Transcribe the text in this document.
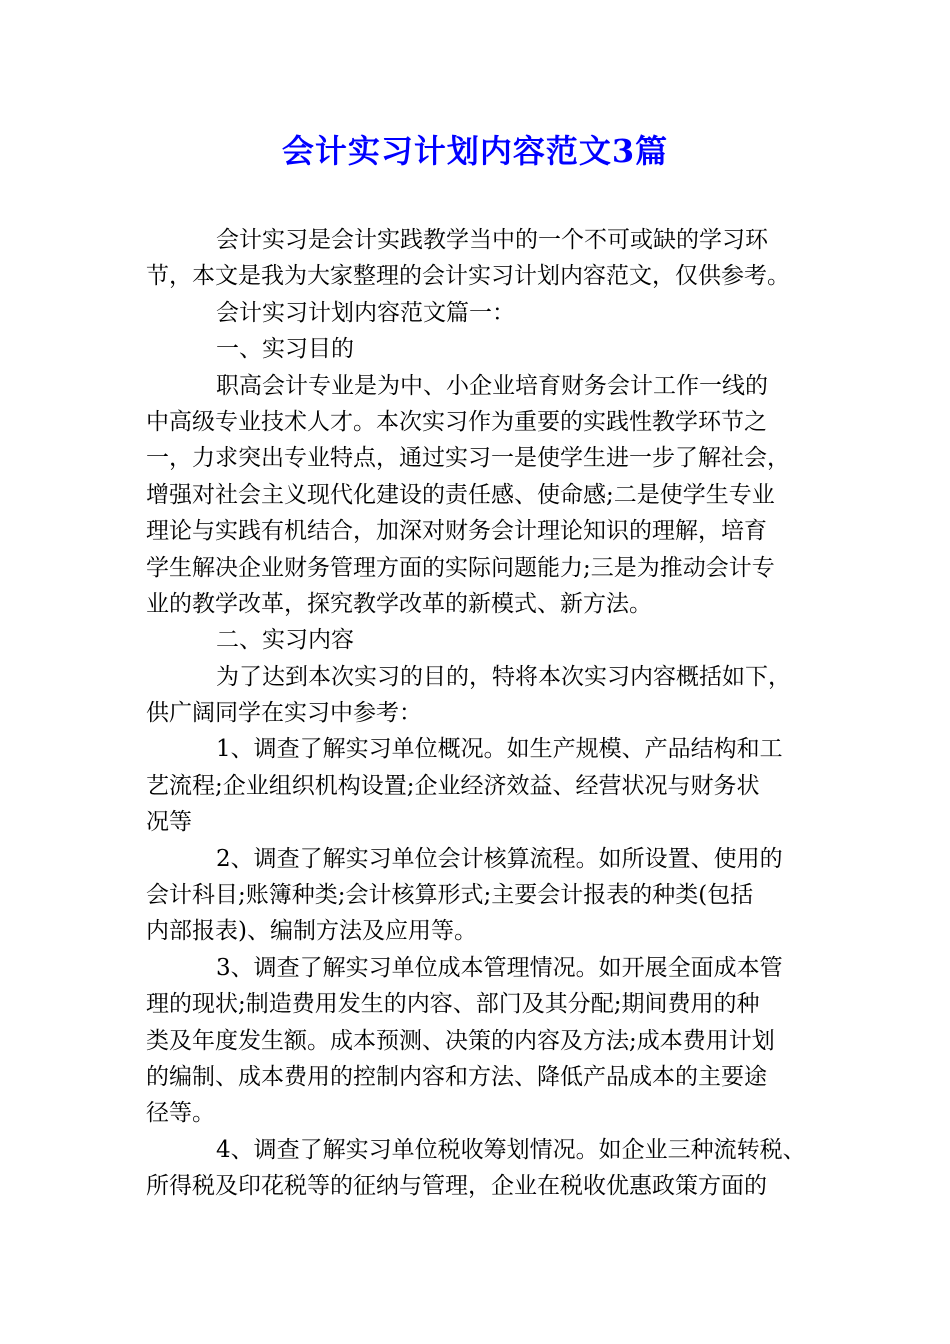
会计实习计划内容范文3篇
会计实习是会计实践教学当中的一个不可或缺的学习环
节，本文是我为大家整理的会计实习计划内容范文，仅供参考。
会计实习计划内容范文篇一：
一、实习目的
职高会计专业是为中、小企业培育财务会计工作一线的
中高级专业技术人才。本次实习作为重要的实践性教学环节之
一，力求突出专业特点，通过实习一是使学生进一步了解社会，
增强对社会主义现代化建设的责任感、使命感;二是使学生专业
理论与实践有机结合，加深对财务会计理论知识的理解，培育
学生解决企业财务管理方面的实际问题能力;三是为推动会计专
业的教学改革，探究教学改革的新模式、新方法。
二、实习内容
为了达到本次实习的目的，特将本次实习内容概括如下，
供广阔同学在实习中参考：
1、调查了解实习单位概况。如生产规模、产品结构和工
艺流程;企业组织机构设置;企业经济效益、经营状况与财务状
况等
2、调查了解实习单位会计核算流程。如所设置、使用的
会计科目;账簿种类;会计核算形式;主要会计报表的种类(包括
内部报表)、编制方法及应用等。
3、调查了解实习单位成本管理情况。如开展全面成本管
理的现状;制造费用发生的内容、部门及其分配;期间费用的种
类及年度发生额。成本预测、决策的内容及方法;成本费用计划
的编制、成本费用的控制内容和方法、降低产品成本的主要途
径等。
4、调查了解实习单位税收筹划情况。如企业三种流转税、
所得税及印花税等的征纳与管理，企业在税收优惠政策方面的
